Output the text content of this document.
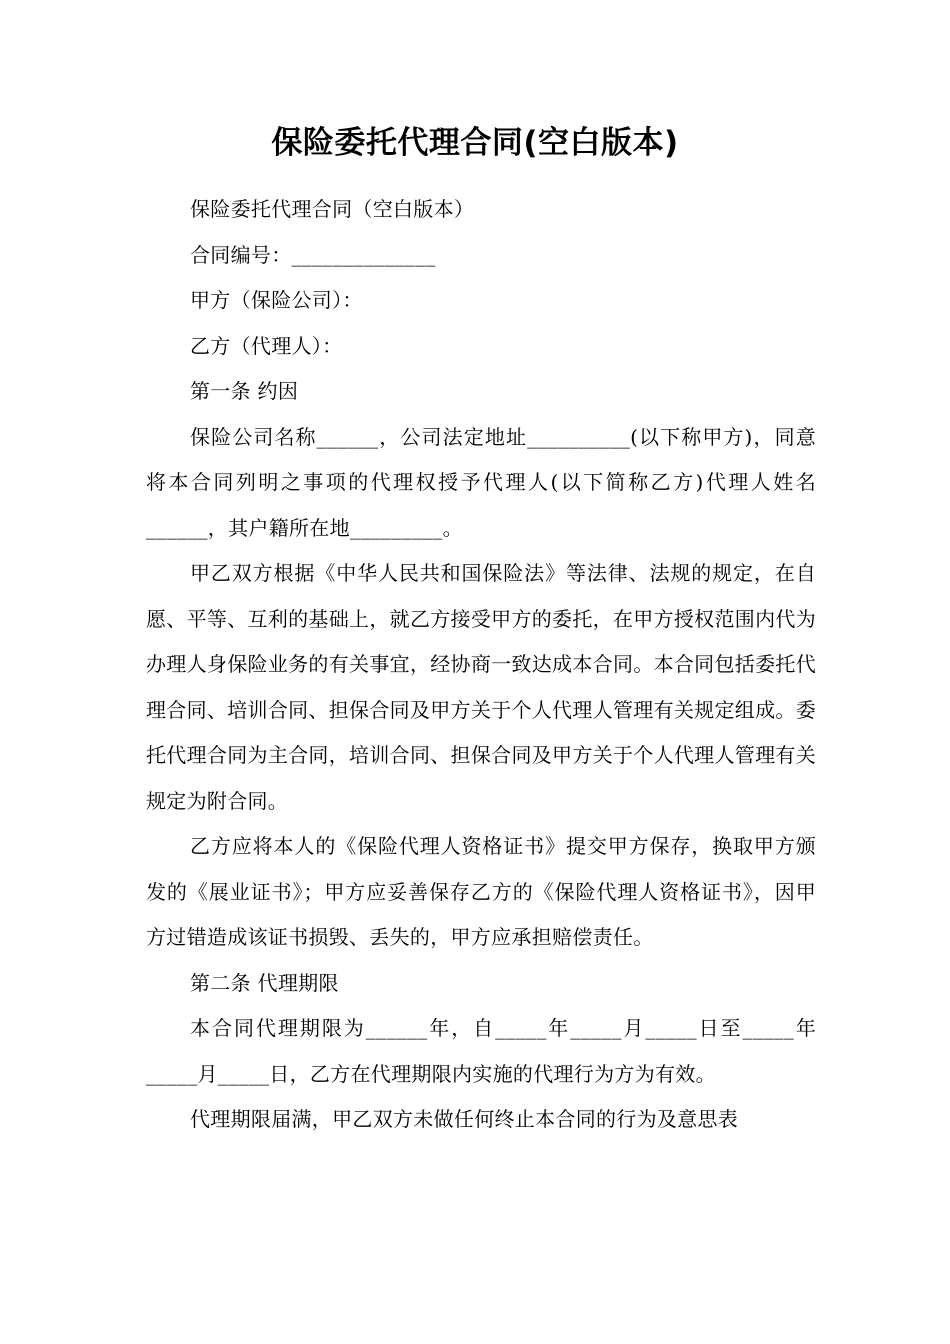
保险委托代理合同(空白版本)

保险委托代理合同（空白版本）

合同编号：______________

甲方（保险公司）：

乙方（代理人）：

第一条 约因

保险公司名称______，公司法定地址__________(以下称甲方)，同意将本合同列明之事项的代理权授予代理人(以下简称乙方)代理人姓名______，其户籍所在地_________。

甲乙双方根据《中华人民共和国保险法》等法律、法规的规定，在自愿、平等、互利的基础上，就乙方接受甲方的委托，在甲方授权范围内代为办理人身保险业务的有关事宜，经协商一致达成本合同。本合同包括委托代理合同、培训合同、担保合同及甲方关于个人代理人管理有关规定组成。委托代理合同为主合同，培训合同、担保合同及甲方关于个人代理人管理有关规定为附合同。

乙方应将本人的《保险代理人资格证书》提交甲方保存，换取甲方颁发的《展业证书》；甲方应妥善保存乙方的《保险代理人资格证书》，因甲方过错造成该证书损毁、丢失的，甲方应承担赔偿责任。

第二条 代理期限

本合同代理期限为______年，自_____年_____月_____日至_____年_____月_____日，乙方在代理期限内实施的代理行为方为有效。

代理期限届满，甲乙双方未做任何终止本合同的行为及意思表
